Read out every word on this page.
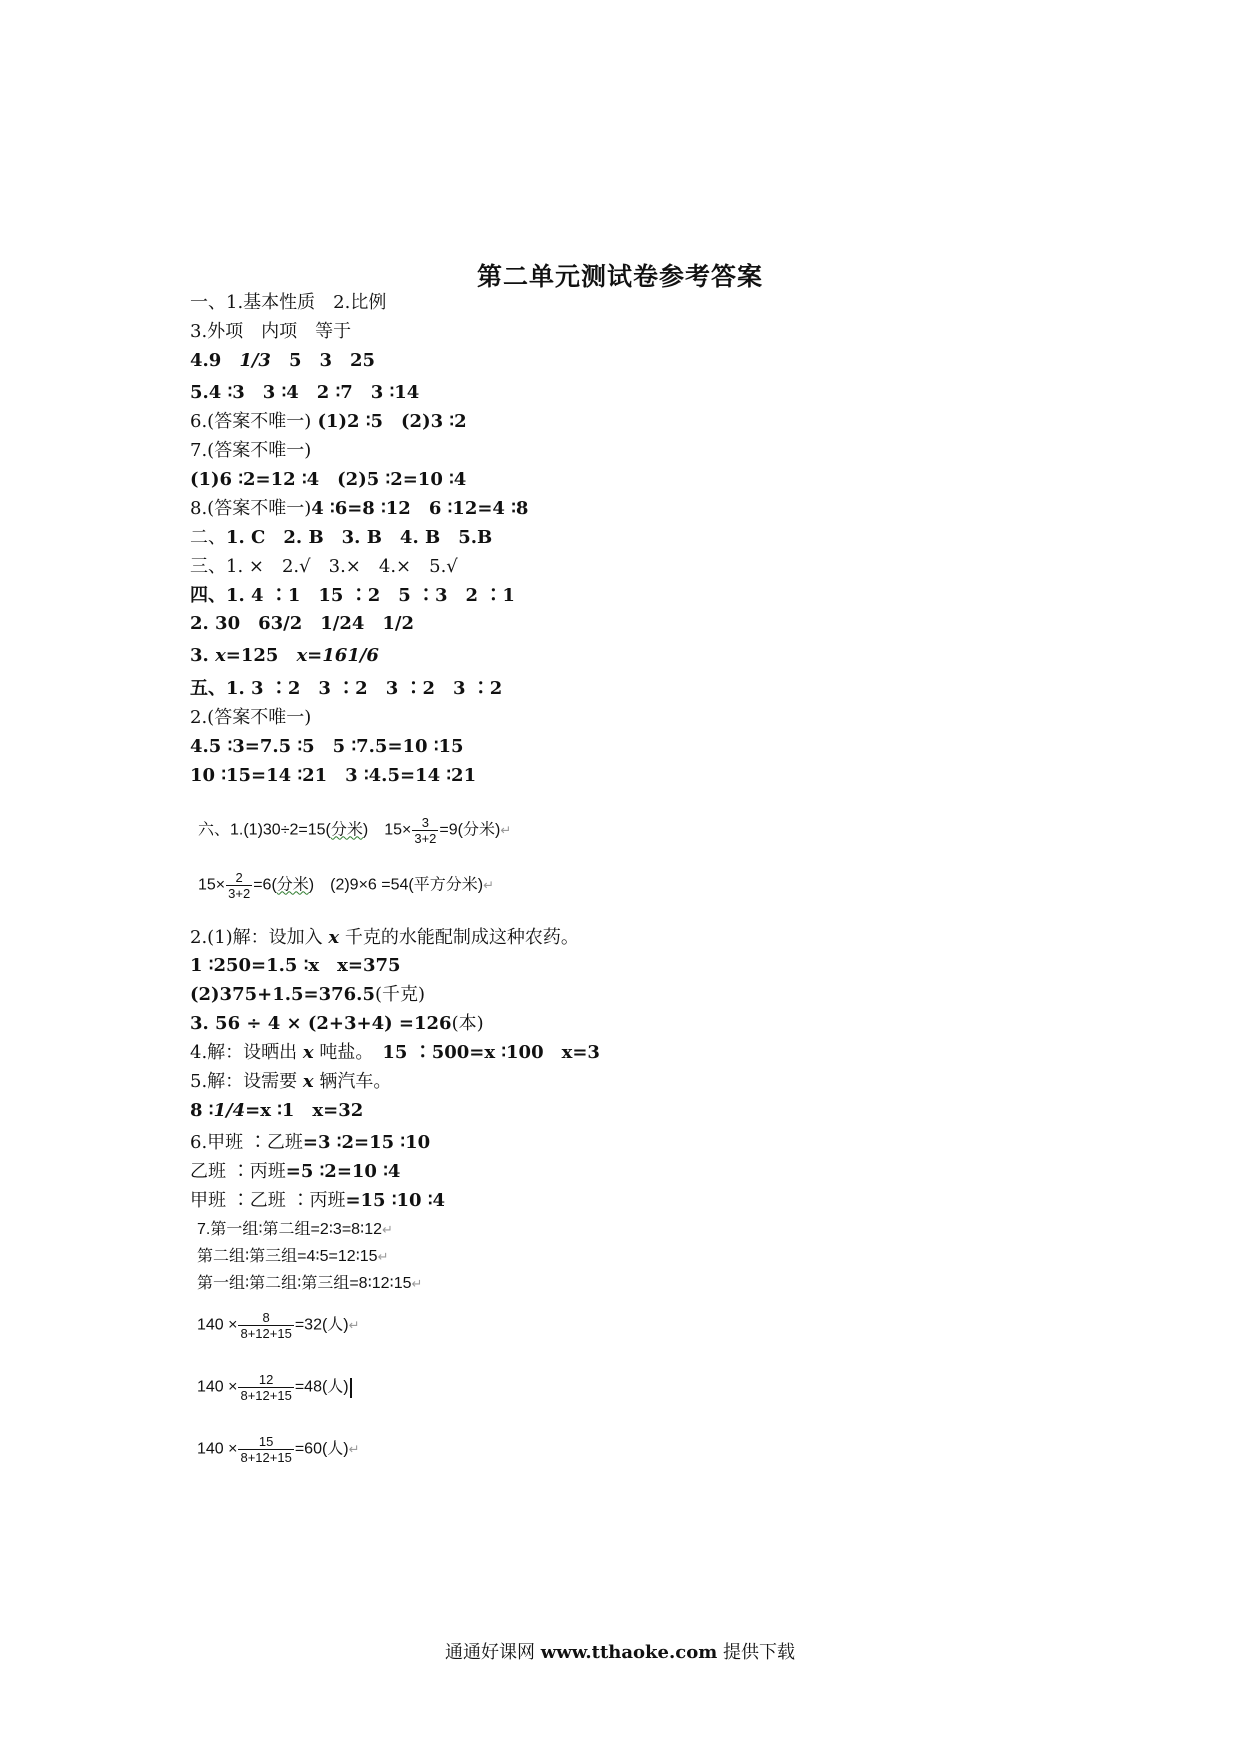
第二单元测试卷参考答案
一、1.基本性质　2.比例
3.外项　内项　等于
4.9　1/3　5　3　25
5.4 ∶3　3 ∶4　2 ∶7　3 ∶14
6.(答案不唯一) (1)2 ∶5　(2)3 ∶2
7.(答案不唯一)
(1)6 ∶2=12 ∶4　(2)5 ∶2=10 ∶4
8.(答案不唯一)4 ∶6=8 ∶12　6 ∶12=4 ∶8
二、1. C　2. B　3. B　4. B　5.B
三、1. ×　2.√　3.×　4.×　5.√
四、1. 4 ∶1　15 ∶2　5 ∶3　2 ∶1
2. 30　63/2　1/24　1/2
3. x=125　x=161/6
五、1. 3 ∶2　3 ∶2　3 ∶2　3 ∶2
2.(答案不唯一)
4.5 ∶3=7.5 ∶5　5 ∶7.5=10 ∶15
10 ∶15=14 ∶21　3 ∶4.5=14 ∶21
六、1.(1)30÷2=15(分米)　$15\times \frac{3}{3+2} =9$(分米)↵
$15\times \frac{2}{3+2} =6$(分米)　(2)9×6 =54(平方分米)↵
2.(1)解：设加入 x 千克的水能配制成这种农药。
1 ∶250=1.5 ∶x　x=375
(2)375+1.5=376.5(千克)
3. 56 ÷ 4 × (2+3+4) =126(本)
4.解：设晒出 x 吨盐。　15 ∶500=x ∶100　x=3
5.解：设需要 x 辆汽车。
8 ∶1/4=x ∶1　x=32
6.甲班 ∶乙班=3 ∶2=15 ∶10
乙班 ∶丙班=5 ∶2=10 ∶4
甲班 ∶乙班 ∶丙班=15 ∶10 ∶4
7.第一组∶第二组=2∶3=8∶12↵
第二组∶第三组=4∶5=12∶15↵
第一组∶第二组∶第三组=8∶12∶15↵
$140 \times \frac{8}{8+12+15} =32$(人)↵
$140 \times \frac{12}{8+12+15} =48$(人)
$140 \times \frac{15}{8+12+15} =60$(人)↵
通通好课网 www.tthaoke.com 提供下载
